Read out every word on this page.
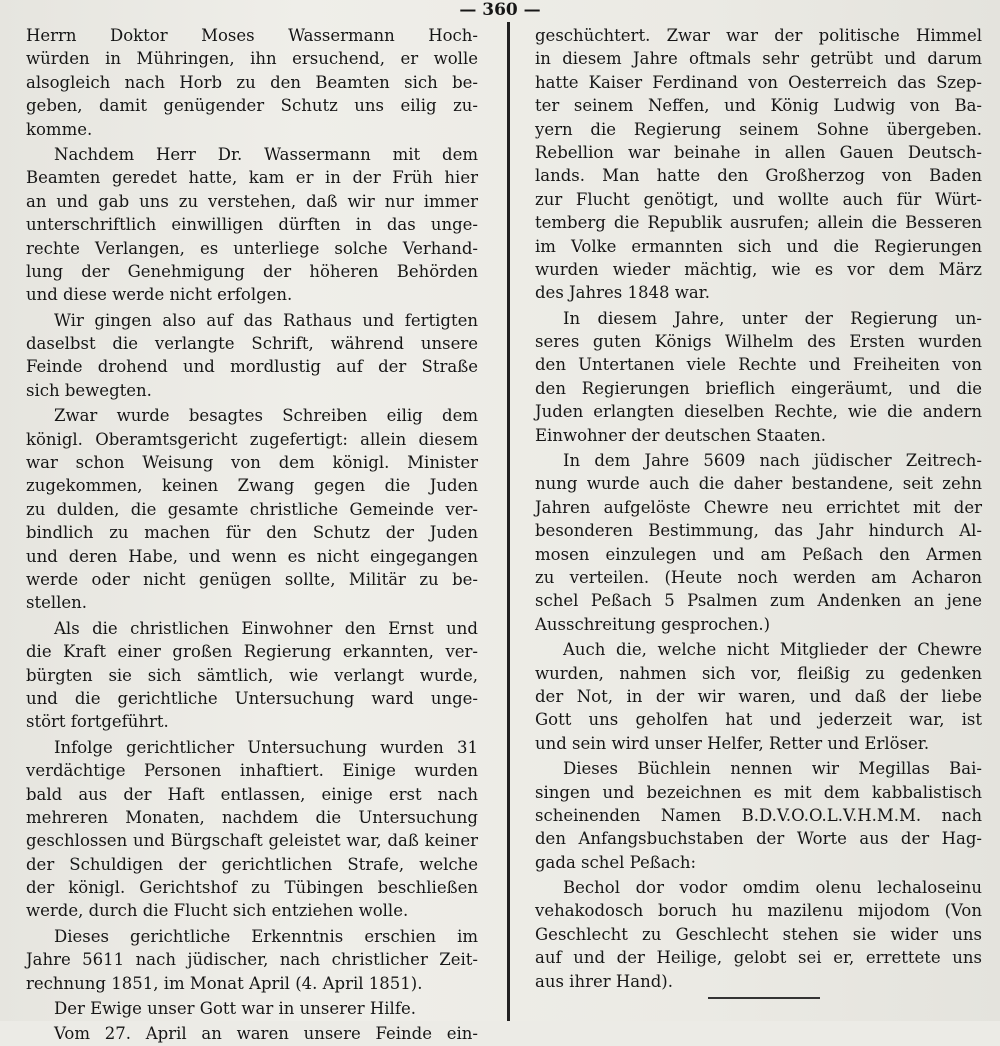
— 360 —
Herrn Doktor Moses Wassermann Hoch-
würden in Mühringen, ihn ersuchend, er wolle
alsogleich nach Horb zu den Beamten sich be-
geben, damit genügender Schutz uns eilig zu-
komme.
Nachdem Herr Dr. Wassermann mit dem
Beamten geredet hatte, kam er in der Früh hier
an und gab uns zu verstehen, daß wir nur immer
unterschriftlich einwilligen dürften in das unge-
rechte Verlangen, es unterliege solche Verhand-
lung der Genehmigung der höheren Behörden
und diese werde nicht erfolgen.
Wir gingen also auf das Rathaus und fertigten
daselbst die verlangte Schrift, während unsere
Feinde drohend und mordlustig auf der Straße
sich bewegten.
Zwar wurde besagtes Schreiben eilig dem
königl. Oberamtsgericht zugefertigt: allein diesem
war schon Weisung von dem königl. Minister
zugekommen, keinen Zwang gegen die Juden
zu dulden, die gesamte christliche Gemeinde ver-
bindlich zu machen für den Schutz der Juden
und deren Habe, und wenn es nicht eingegangen
werde oder nicht genügen sollte, Militär zu be-
stellen.
Als die christlichen Einwohner den Ernst und
die Kraft einer großen Regierung erkannten, ver-
bürgten sie sich sämtlich, wie verlangt wurde,
und die gerichtliche Untersuchung ward unge-
stört fortgeführt.
Infolge gerichtlicher Untersuchung wurden 31
verdächtige Personen inhaftiert. Einige wurden
bald aus der Haft entlassen, einige erst nach
mehreren Monaten, nachdem die Untersuchung
geschlossen und Bürgschaft geleistet war, daß keiner
der Schuldigen der gerichtlichen Strafe, welche
der königl. Gerichtshof zu Tübingen beschließen
werde, durch die Flucht sich entziehen wolle.
Dieses gerichtliche Erkenntnis erschien im
Jahre 5611 nach jüdischer, nach christlicher Zeit-
rechnung 1851, im Monat April (4. April 1851).
Der Ewige unser Gott war in unserer Hilfe.
Vom 27. April an waren unsere Feinde ein-
geschüchtert. Zwar war der politische Himmel
in diesem Jahre oftmals sehr getrübt und darum
hatte Kaiser Ferdinand von Oesterreich das Szep-
ter seinem Neffen, und König Ludwig von Ba-
yern die Regierung seinem Sohne übergeben.
Rebellion war beinahe in allen Gauen Deutsch-
lands. Man hatte den Großherzog von Baden
zur Flucht genötigt, und wollte auch für Würt-
temberg die Republik ausrufen; allein die Besseren
im Volke ermannten sich und die Regierungen
wurden wieder mächtig, wie es vor dem März
des Jahres 1848 war.
In diesem Jahre, unter der Regierung un-
seres guten Königs Wilhelm des Ersten wurden
den Untertanen viele Rechte und Freiheiten von
den Regierungen brieflich eingeräumt, und die
Juden erlangten dieselben Rechte, wie die andern
Einwohner der deutschen Staaten.
In dem Jahre 5609 nach jüdischer Zeitrech-
nung wurde auch die daher bestandene, seit zehn
Jahren aufgelöste Chewre neu errichtet mit der
besonderen Bestimmung, das Jahr hindurch Al-
mosen einzulegen und am Peßach den Armen
zu verteilen. (Heute noch werden am Acharon
schel Peßach 5 Psalmen zum Andenken an jene
Ausschreitung gesprochen.)
Auch die, welche nicht Mitglieder der Chewre
wurden, nahmen sich vor, fleißig zu gedenken
der Not, in der wir waren, und daß der liebe
Gott uns geholfen hat und jederzeit war, ist
und sein wird unser Helfer, Retter und Erlöser.
Dieses Büchlein nennen wir Megillas Bai-
singen und bezeichnen es mit dem kabbalistisch
scheinenden Namen B.D.V.O.O.L.V.H.M.M. nach
den Anfangsbuchstaben der Worte aus der Hag-
gada schel Peßach:
Bechol dor vodor omdim olenu lechaloseinu
vehakodosch boruch hu mazilenu mijodom (Von
Geschlecht zu Geschlecht stehen sie wider uns
auf und der Heilige, gelobt sei er, errettete uns
aus ihrer Hand).
